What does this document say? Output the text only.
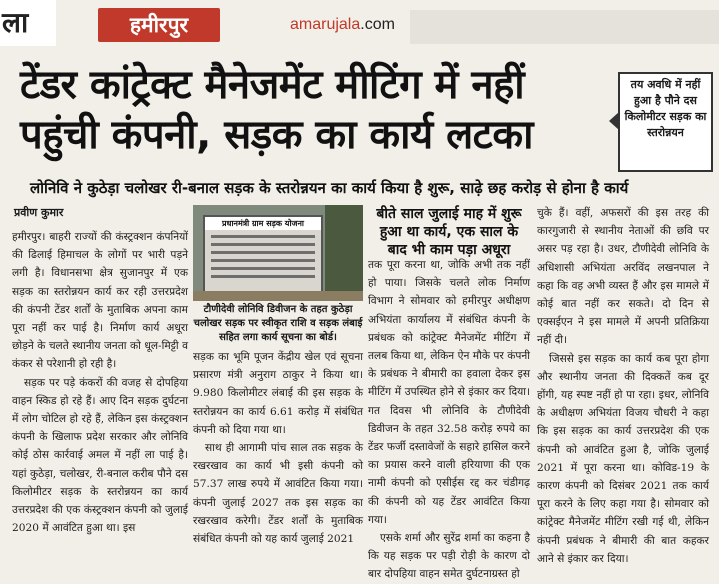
ला	हमीरपुर	amarujala.com
टेंडर कांट्रेक्ट मैनेजमेंट मीटिंग में नहीं पहुंची कंपनी, सड़क का कार्य लटका
तय अवधि में नहीं हुआ है पौने दस किलोमीटर सड़क का स्तरोन्नयन
लोनिवि ने कुठेड़ा चलोखर री-बनाल सड़क के स्तरोन्नयन का कार्य किया है शुरू, साढ़े छह करोड़ से होना है कार्य
प्रवीण कुमार

हमीरपुर। बाहरी राज्यों की कंस्ट्रक्शन कंपनियों की ढिलाई हिमाचल के लोगों पर भारी पड़ने लगी है। विधानसभा क्षेत्र सुजानपुर में एक सड़क का स्तरोन्नयन कार्य कर रही उत्तरप्रदेश की कंपनी टेंडर शर्तों के मुताबिक अपना काम पूरा नहीं कर पाई है। निर्माण कार्य अधूरा छोड़ने के चलते स्थानीय जनता को धूल-मिट्टी व कंकर से परेशानी हो रही है।

सड़क पर पड़े कंकरों की वजह से दोपहिया वाहन स्किड हो रहे हैं। आए दिन सड़क दुर्घटना में लोग चोटिल हो रहे हैं, लेकिन इस कंस्ट्रक्शन कंपनी के खिलाफ प्रदेश सरकार और लोनिवि कोई ठोस कार्रवाई अमल में नहीं ला पाई है। यहां कुठेड़ा, चलोखर, री-बनाल करीब पौने दस किलोमीटर सड़क के स्तरोन्नयन का कार्य उत्तरप्रदेश की एक कंस्ट्रक्शन कंपनी को जुलाई 2020 में आवंटित हुआ था। इस

प्रधानमंत्री ग्राम सड़क योजना
टौणीदेवी लोनिवि डिवीजन के तहत कुठेड़ा चलोखर सड़क पर स्वीकृत राशि व सड़क लंबाई सहित लगा कार्य सूचना का बोर्ड।

सड़क का भूमि पूजन केंद्रीय खेल एवं सूचना प्रसारण मंत्री अनुराग ठाकुर ने किया था। 9.980 किलोमीटर लंबाई की इस सड़क के स्तरोन्नयन का कार्य 6.61 करोड़ में संबंधित कंपनी को दिया गया था।

साथ ही आगामी पांच साल तक सड़क के रखरखाव का कार्य भी इसी कंपनी को 57.37 लाख रुपये में आवंटित किया गया। कंपनी जुलाई 2027 तक इस सड़क का रखरखाव करेगी। टेंडर शर्तों के मुताबिक संबंधित कंपनी को यह कार्य जुलाई 2021

बीते साल जुलाई माह में शुरू हुआ था कार्य, एक साल के बाद भी काम पड़ा अधूरा

तक पूरा करना था, जोकि अभी तक नहीं हो पाया। जिसके चलते लोक निर्माण विभाग ने सोमवार को हमीरपुर अधीक्षण अभियंता कार्यालय में संबंधित कंपनी के प्रबंधक को कांट्रेक्ट मैनेजमेंट मीटिंग में तलब किया था, लेकिन ऐन मौके पर कंपनी के प्रबंधक ने बीमारी का हवाला देकर इस मीटिंग में उपस्थित होने से इंकार कर दिया। गत दिवस भी लोनिवि के टौणीदेवी डिवीजन के तहत 32.58 करोड़ रुपये का टेंडर फर्जी दस्तावेजों के सहारे हासिल करने का प्रयास करने वाली हरियाणा की एक नामी कंपनी को एसीईस रद्द कर चंडीगढ़ की कंपनी को यह टेंडर आवंटित किया गया।

एसके शर्मा और सुरेंद्र शर्मा का कहना है कि यह सड़क पर पड़ी रोड़ी के कारण दो बार दोपहिया वाहन समेत दुर्घटनाग्रस्त हो

चुके हैं। वहीं, अफसरों की इस तरह की कारगुजारी से स्थानीय नेताओं की छवि पर असर पड़ रहा है। उधर, टौणीदेवी लोनिवि के अधिशासी अभियंता अरविंद लखनपाल ने कहा कि वह अभी व्यस्त हैं और इस मामले में कोई बात नहीं कर सकते। दो दिन से एक्सईएन ने इस मामले में अपनी प्रतिक्रिया नहीं दी।

जिससे इस सड़क का कार्य कब पूरा होगा और स्थानीय जनता की दिक्कतें कब दूर होंगी, यह स्पष्ट नहीं हो पा रहा। इधर, लोनिवि के अधीक्षण अभियंता विजय चौधरी ने कहा कि इस सड़क का कार्य उत्तरप्रदेश की एक कंपनी को आवंटित हुआ है, जोकि जुलाई 2021 में पूरा करना था। कोविड-19 के कारण कंपनी को दिसंबर 2021 तक कार्य पूरा करने के लिए कहा गया है। सोमवार को कांट्रेक्ट मैनेजमेंट मीटिंग रखी गई थी, लेकिन कंपनी प्रबंधक ने बीमारी की बात कहकर आने से इंकार कर दिया।
